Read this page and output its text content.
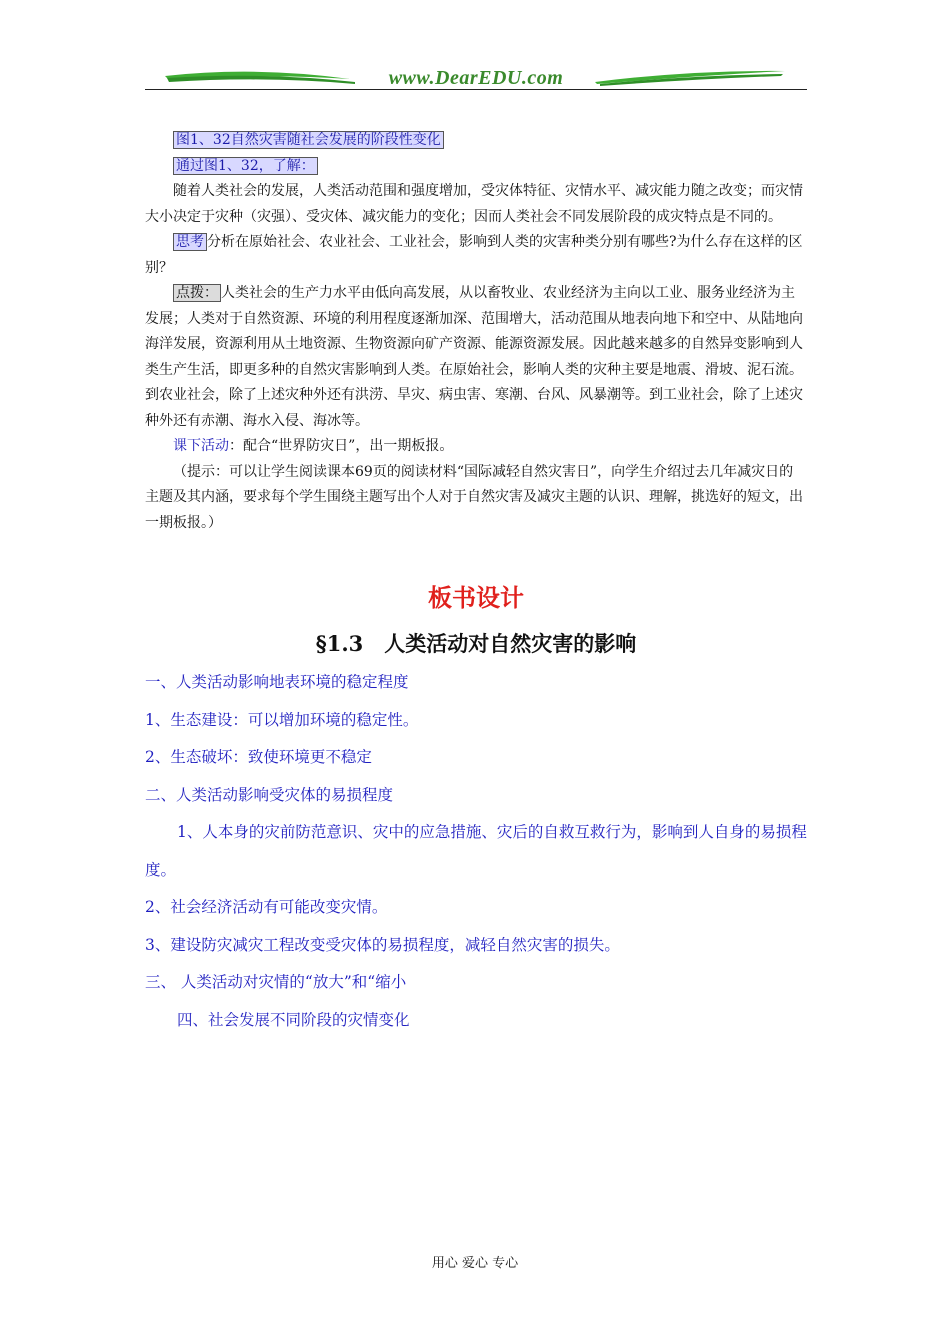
www.DearEDU.com

图1、32自然灾害随社会发展的阶段性变化

通过图1、32，了解：

随着人类社会的发展，人类活动范围和强度增加，受灾体特征、灾情水平、减灾能力随之改变；而灾情大小决定于灾种（灾强）、受灾体、减灾能力的变化；因而人类社会不同发展阶段的成灾特点是不同的。

思考 分析在原始社会、农业社会、工业社会，影响到人类的灾害种类分别有哪些?为什么存在这样的区别？

点拨： 人类社会的生产力水平由低向高发展，从以畜牧业、农业经济为主向以工业、服务业经济为主发展；人类对于自然资源、环境的利用程度逐渐加深、范围增大，活动范围从地表向地下和空中、从陆地向海洋发展，资源利用从土地资源、生物资源向矿产资源、能源资源发展。因此越来越多的自然异变影响到人类生产生活，即更多种的自然灾害影响到人类。在原始社会，影响人类的灾种主要是地震、滑坡、泥石流。到农业社会，除了上述灾种外还有洪涝、旱灾、病虫害、寒潮、台风、风暴潮等。到工业社会，除了上述灾种外还有赤潮、海水入侵、海冰等。

课下活动：配合“世界防灾日”，出一期板报。

（提示：可以让学生阅读课本69页的阅读材料“国际减轻自然灾害日”，向学生介绍过去几年减灾日的主题及其内涵，要求每个学生围绕主题写出个人对于自然灾害及减灾主题的认识、理解，挑选好的短文，出一期板报。）

板书设计
§1.3　人类活动对自然灾害的影响
一、人类活动影响地表环境的稳定程度
1、生态建设：可以增加环境的稳定性。
2、生态破坏：致使环境更不稳定
二、人类活动影响受灾体的易损程度
1、人本身的灾前防范意识、灾中的应急措施、灾后的自救互救行为，影响到人自身的易损程度。
2、社会经济活动有可能改变灾情。
3、建设防灾减灾工程改变受灾体的易损程度，减轻自然灾害的损失。
三、 人类活动对灾情的“放大”和“缩小
四、社会发展不同阶段的灾情变化
用心 爱心 专心
